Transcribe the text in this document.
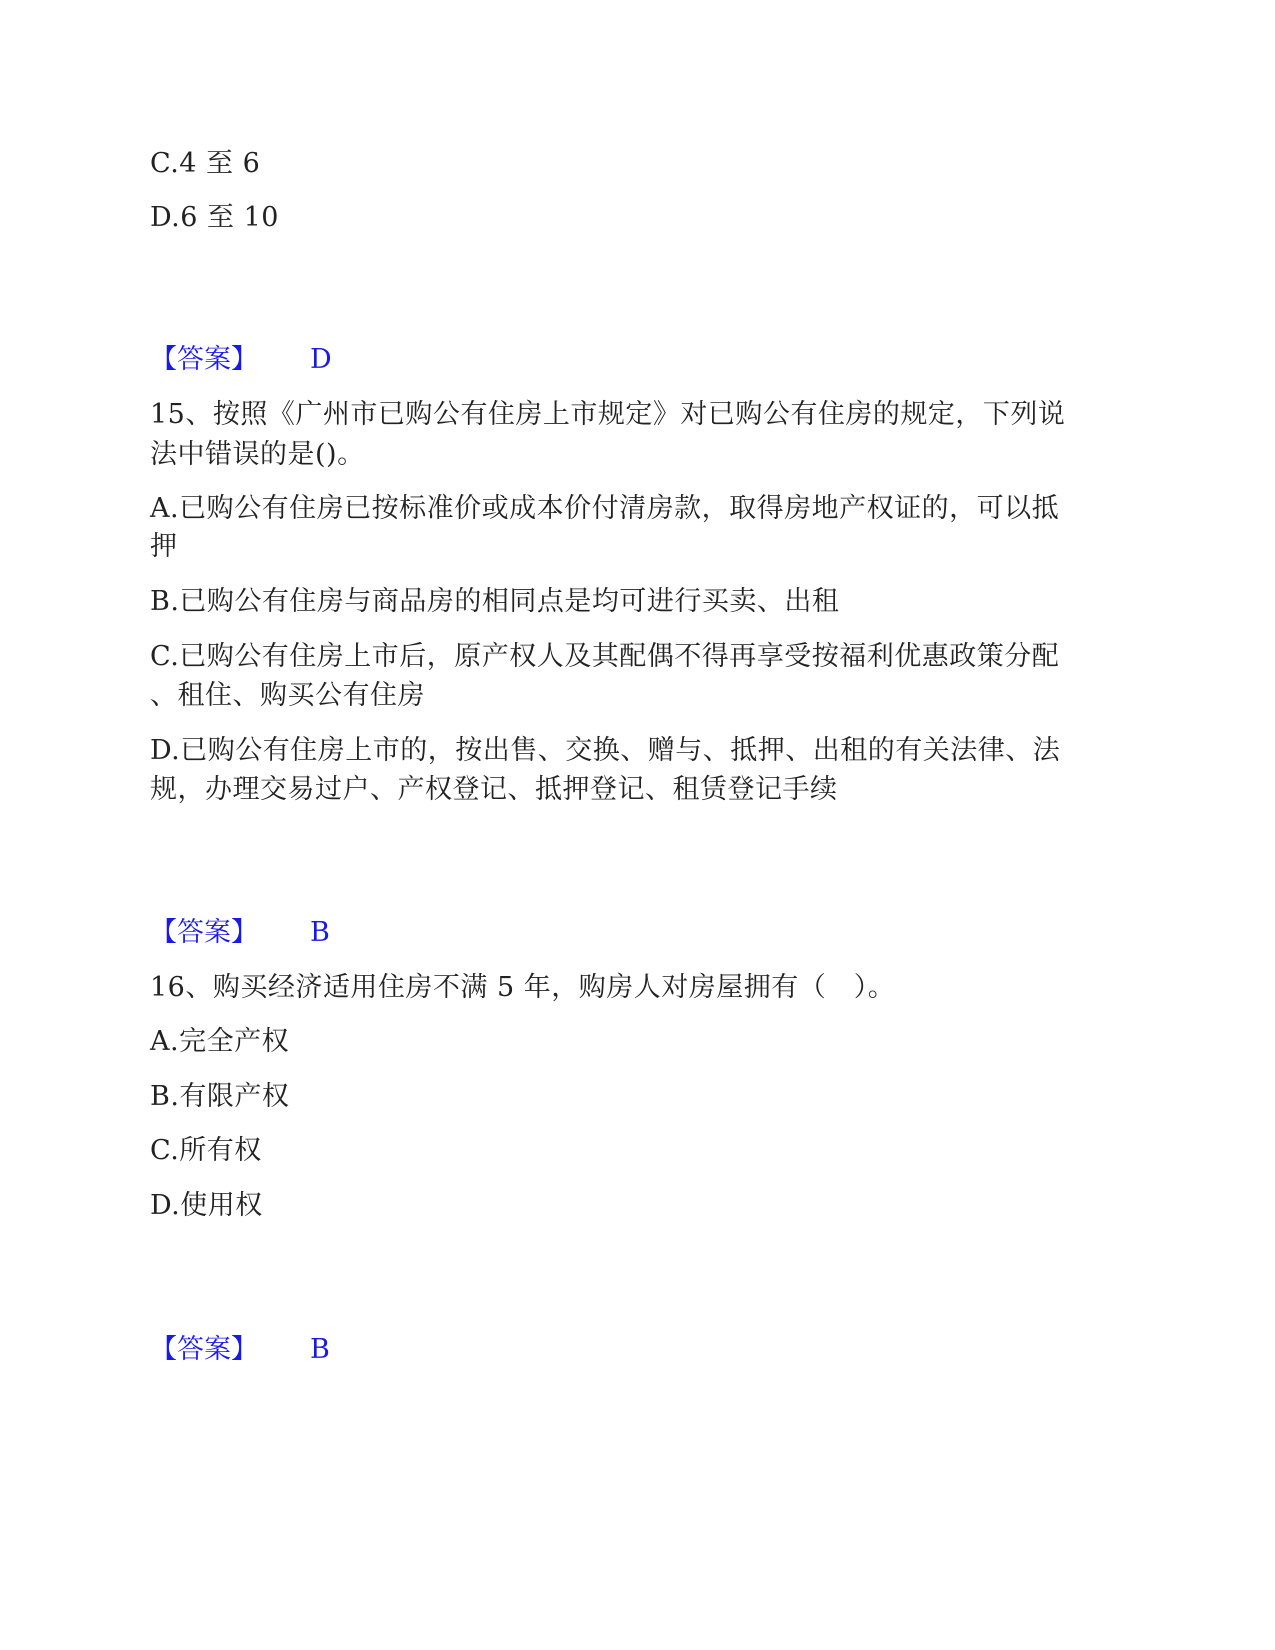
C.4 至 6
D.6 至 10
【答案】 D
15、按照《广州市已购公有住房上市规定》对已购公有住房的规定，下列说
法中错误的是()。
A.已购公有住房已按标准价或成本价付清房款，取得房地产权证的，可以抵
押
B.已购公有住房与商品房的相同点是均可进行买卖、出租
C.已购公有住房上市后，原产权人及其配偶不得再享受按福利优惠政策分配
、租住、购买公有住房
D.已购公有住房上市的，按出售、交换、赠与、抵押、出租的有关法律、法
规，办理交易过户、产权登记、抵押登记、租赁登记手续
【答案】 B
16、购买经济适用住房不满 5 年，购房人对房屋拥有（　）。
A.完全产权
B.有限产权
C.所有权
D.使用权
【答案】 B
